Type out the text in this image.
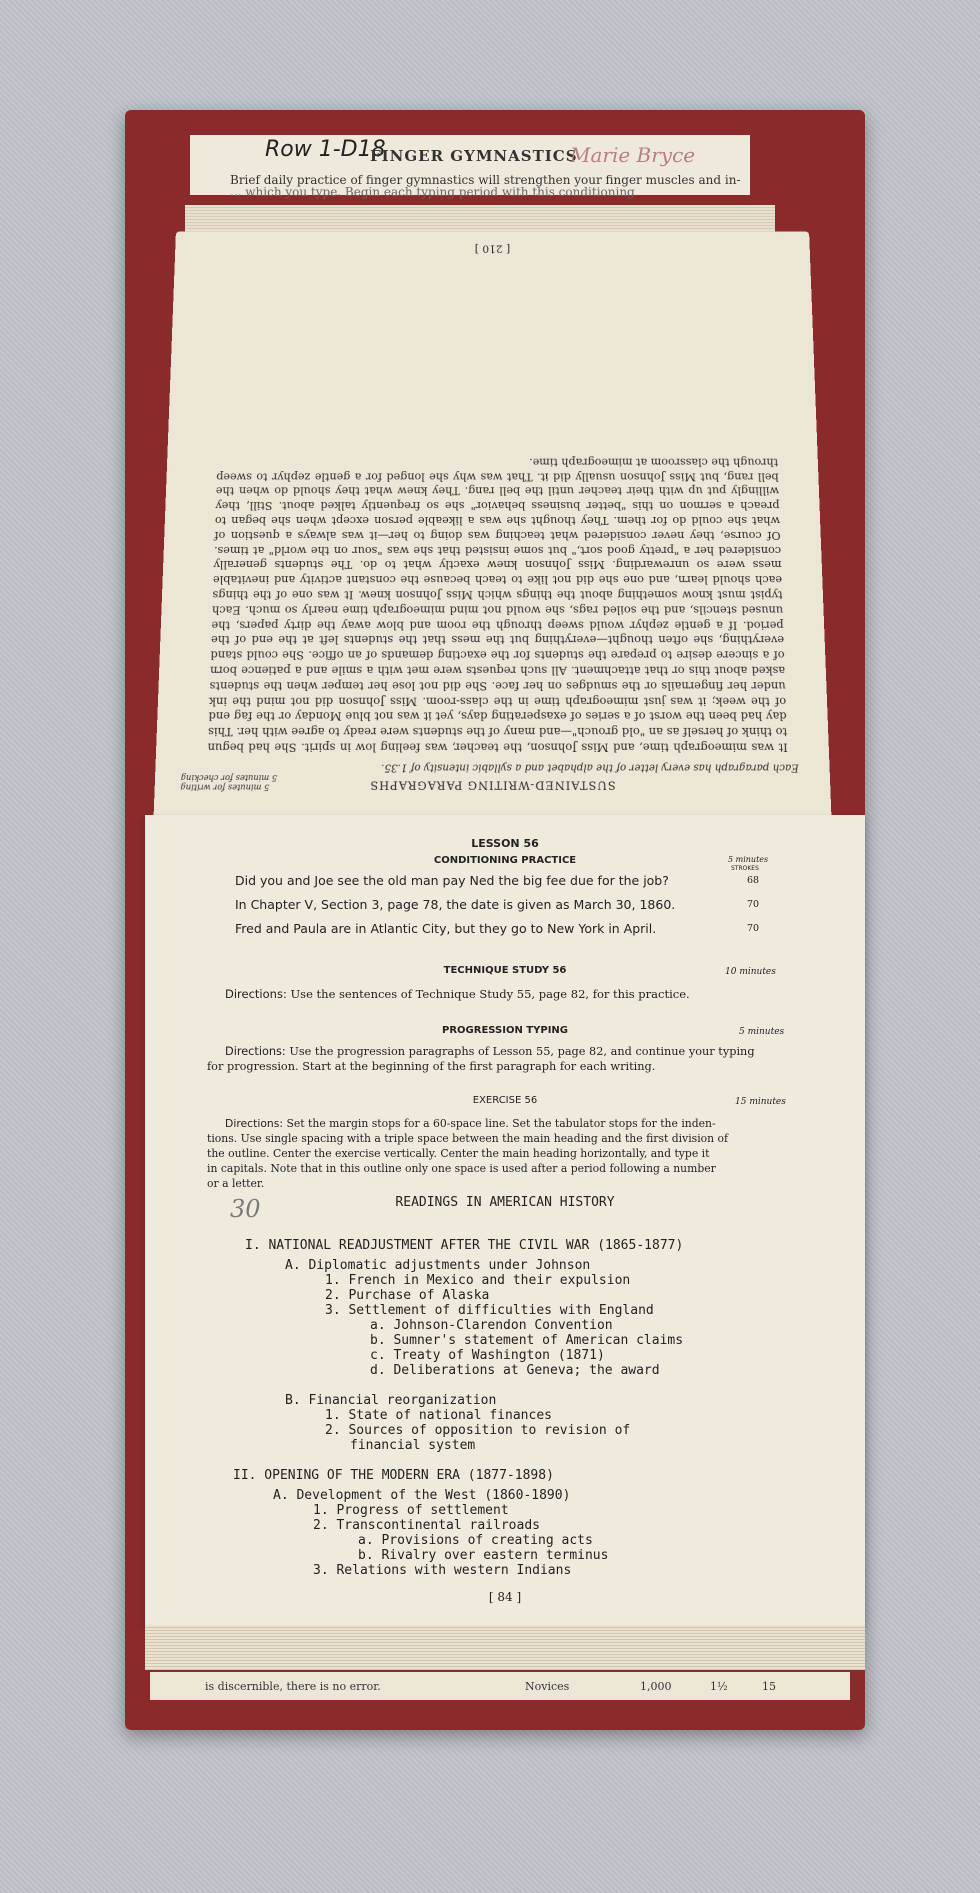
Row 1-D18
FINGER GYMNASTICS
Marie Bryce
Brief daily practice of finger gymnastics will strengthen your finger muscles and in-
... which you type. Begin each typing period with this conditioning
SUSTAINED-WRITING PARAGRAPHS
5 minutes for writing
5 minutes for checking
Each paragraph has every letter of the alphabet and a syllabic intensity of 1.35.
It was mimeograph time, and Miss Johnson, the teacher, was feeling low in spirit. She had begun to think of herself as an "old grouch"—and many of the students were ready to agree with her. This day had been the worst of a series of exasperating days, yet it was not blue Monday or the fag end of the week; it was just mimeograph time in the class-room. Miss Johnson did not mind the ink under her fingernails or the smudges on her face. She did not lose her temper when the students asked about this or that attachment. All such requests were met with a smile and a patience born of a sincere desire to prepare the students for the exacting demands of an office. She could stand everything, she often thought—everything but the mess that the students left at the end of the period. If a gentle zephyr would sweep through the room and blow away the dirty papers, the unused stencils, and the soiled rags, she would not mind mimeograph time nearly so much. Each typist must know something about the things which Miss Johnson knew. It was one of the things each should learn, and one she did not like to teach because the constant activity and inevitable mess were so unrewarding. Miss Johnson knew exactly what to do. The students generally considered her a "pretty good sort," but some insisted that she was "sour on the world" at times. Of course, they never considered what teaching was doing to her—it was always a question of what she could do for them. They thought she was a likeable person except when she began to preach a sermon on this "better business behavior" she so frequently talked about. Still, they willingly put up with their teacher until the bell rang. They knew what they should do when the bell rang, but Miss Johnson usually did it. That was why she longed for a gentle zephyr to sweep through the classroom at mimeograph time.
[ 210 ]
LESSON 56
CONDITIONING PRACTICE	5 minutes
STROKES
Did you and Joe see the old man pay Ned the big fee due for the job?	68
In Chapter V, Section 3, page 78, the date is given as March 30, 1860.	70
Fred and Paula are in Atlantic City, but they go to New York in April.	70
TECHNIQUE STUDY 56	10 minutes
Directions: Use the sentences of Technique Study 55, page 82, for this practice.
PROGRESSION TYPING	5 minutes
Directions: Use the progression paragraphs of Lesson 55, page 82, and continue your typing
for progression. Start at the beginning of the first paragraph for each writing.
EXERCISE 56	15 minutes
Directions: Set the margin stops for a 60-space line. Set the tabulator stops for the inden-
tions. Use single spacing with a triple space between the main heading and the first division of
the outline. Center the exercise vertically. Center the main heading horizontally, and type it
in capitals. Note that in this outline only one space is used after a period following a number
or a letter.
30	READINGS IN AMERICAN HISTORY
I. NATIONAL READJUSTMENT AFTER THE CIVIL WAR (1865-1877)
A. Diplomatic adjustments under Johnson
1. French in Mexico and their expulsion
2. Purchase of Alaska
3. Settlement of difficulties with England
a. Johnson-Clarendon Convention
b. Sumner's statement of American claims
c. Treaty of Washington (1871)
d. Deliberations at Geneva; the award
B. Financial reorganization
1. State of national finances
2. Sources of opposition to revision of
financial system
II. OPENING OF THE MODERN ERA (1877-1898)
A. Development of the West (1860-1890)
1. Progress of settlement
2. Transcontinental railroads
a. Provisions of creating acts
b. Rivalry over eastern terminus
3. Relations with western Indians
[ 84 ]
is discernible, there is no error.	Novices	1,000	1½	15
